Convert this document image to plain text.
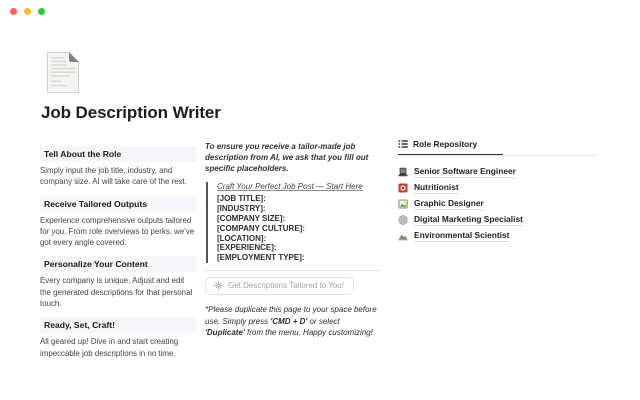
Job Description Writer
Tell About the Role

Simply input the job title, industry, and company size. AI will take care of the rest.

Receive Tailored Outputs

Experience comprehensive outputs tailored for you. From role overviews to perks, we've got every angle covered.

Personalize Your Content

Every company is unique. Adjust and edit the generated descriptions for that personal touch.

Ready, Set, Craft!

All geared up! Dive in and start creating impeccable job descriptions in no time.

To ensure you receive a tailor-made job description from AI, we ask that you fill out specific placeholders.

Craft Your Perfect Job Post — Start Here
[JOB TITLE]:
[INDUSTRY]:
[COMPANY SIZE]:
[COMPANY CULTURE]:
[LOCATION]:
[EXPERIENCE]:
[EMPLOYMENT TYPE]:
Get Descriptions Tailored to You!

*Please duplicate this page to your space before use. Simply press 'CMD + D' or select 'Duplicate' from the menu. Happy customizing!

Role Repository
Senior Software Engineer
Nutritionist
Graphic Designer
Digital Marketing Specialist
Environmental Scientist
